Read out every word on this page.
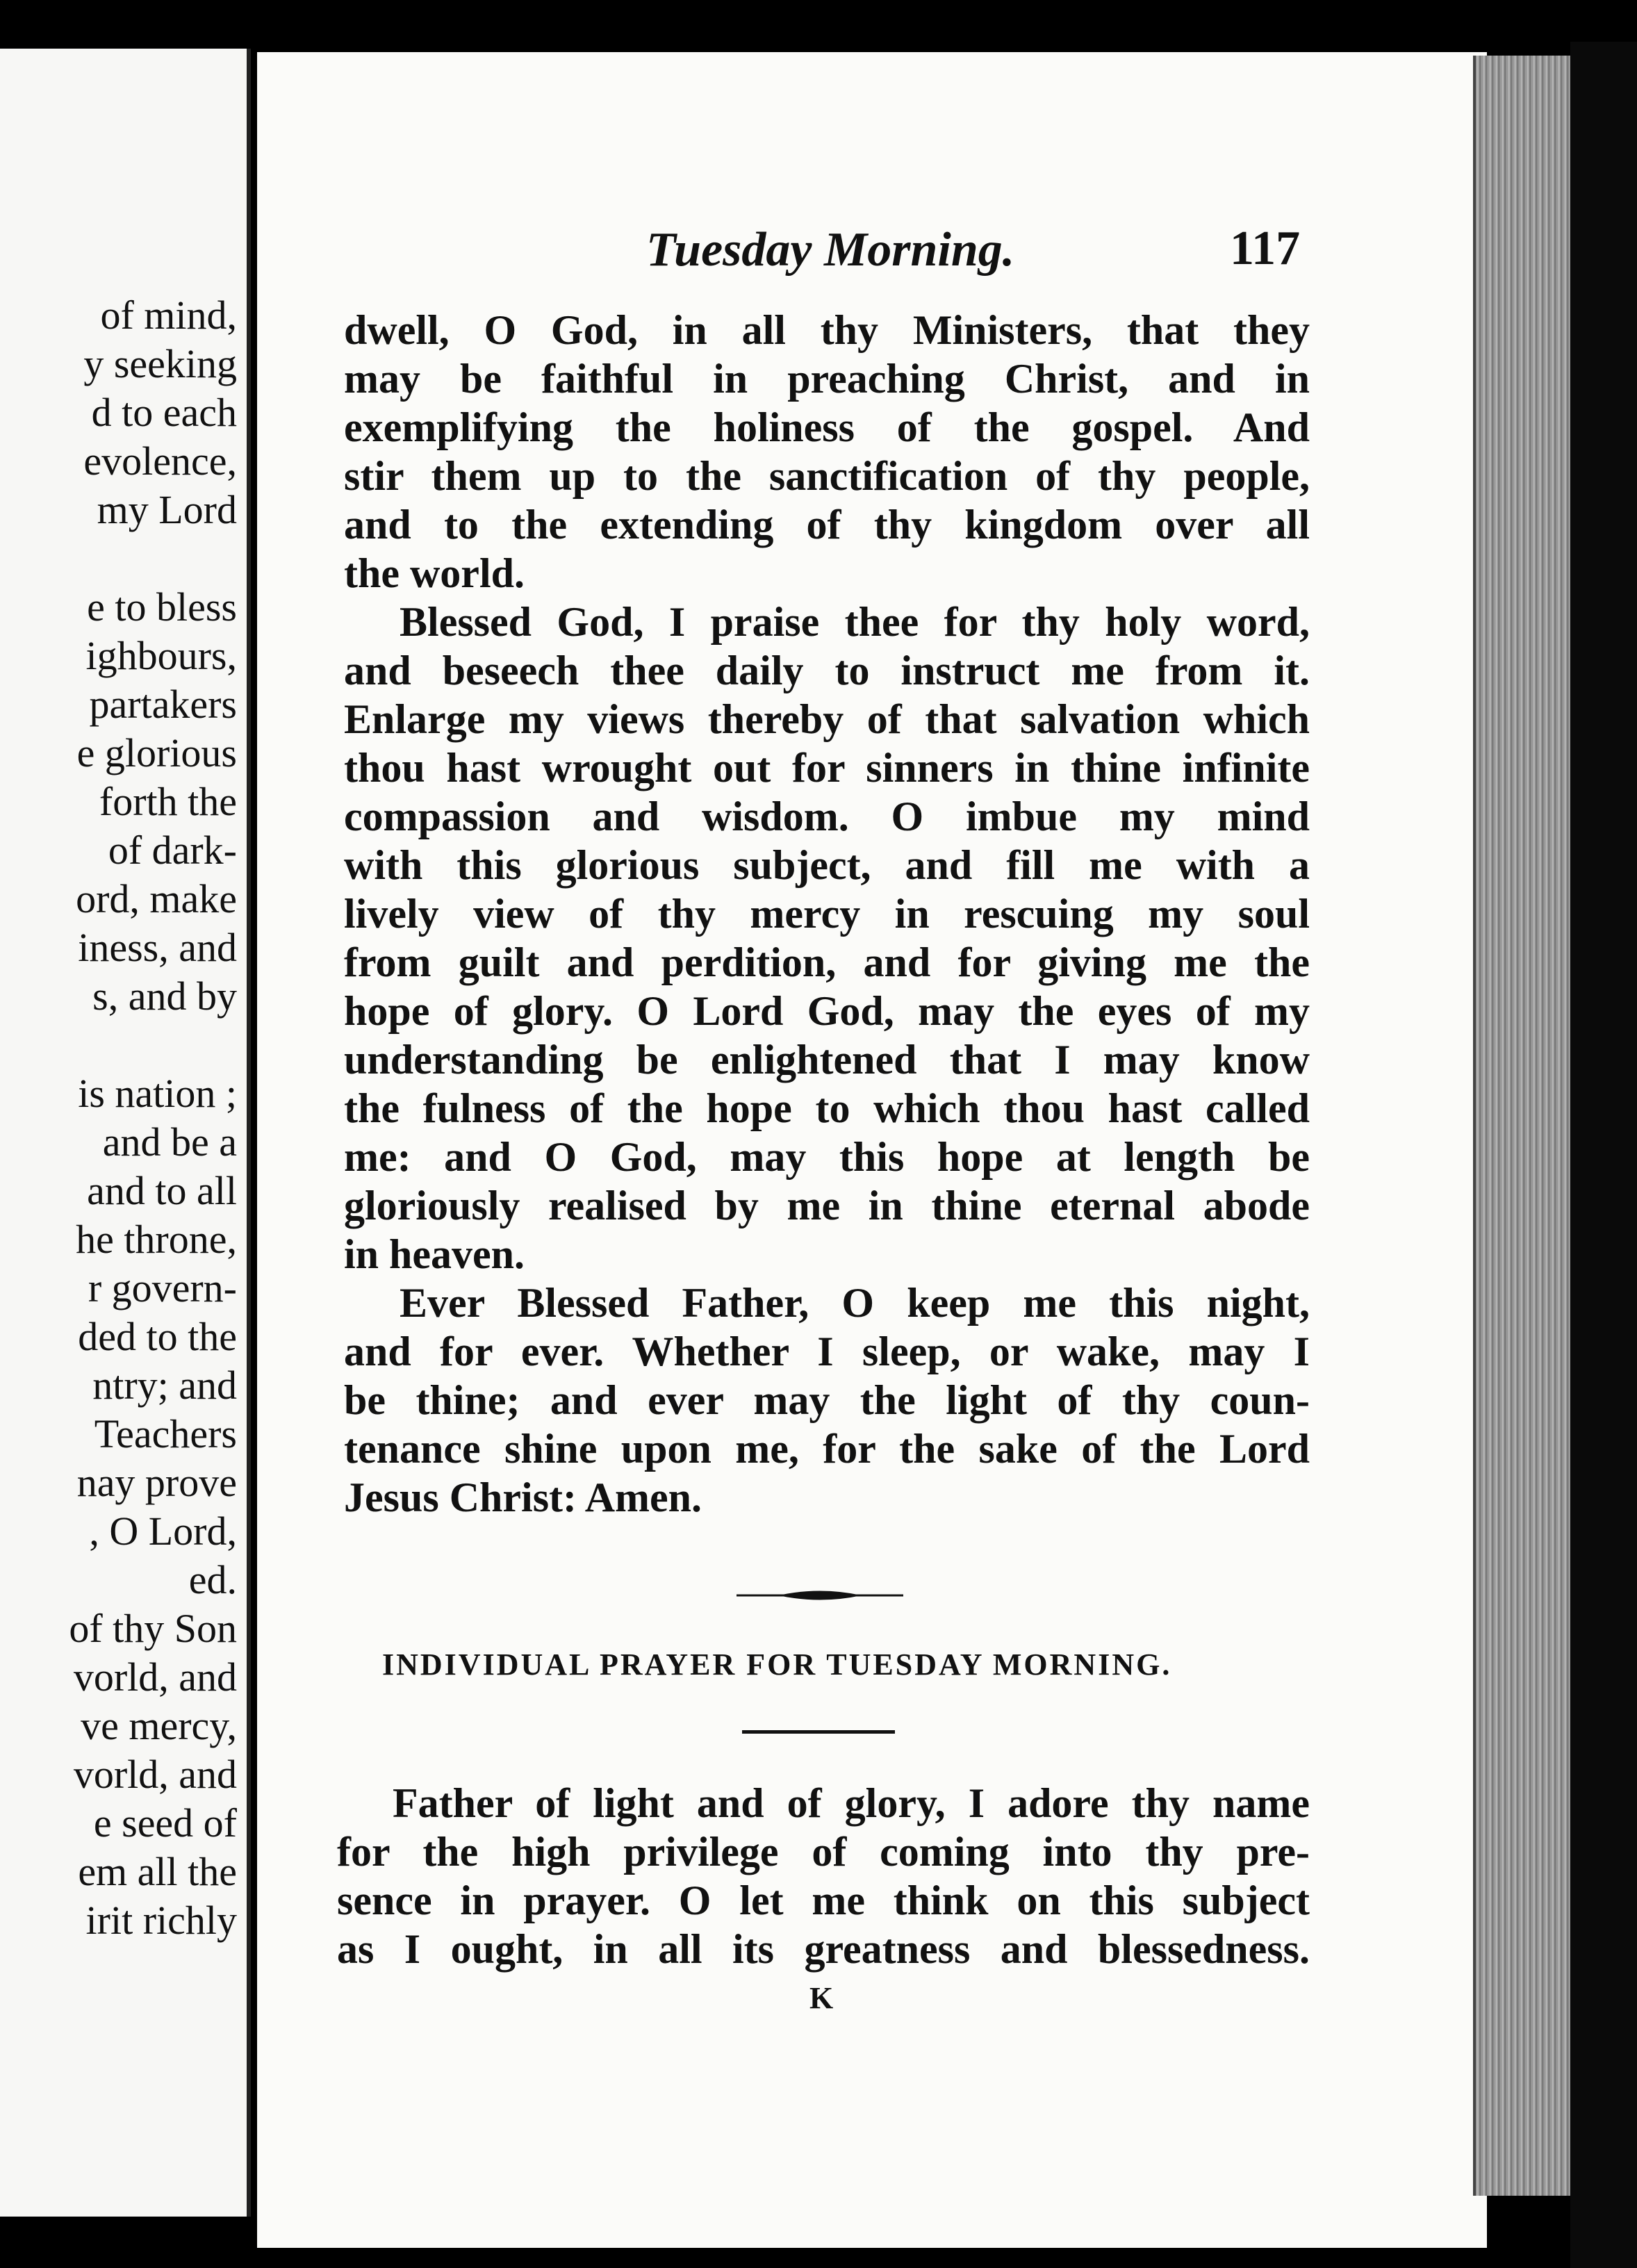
of mind,
y seeking
d to each
evolence,
my Lord
e to bless
ighbours,
partakers
e glorious
forth the
of dark-
ord, make
iness, and
s, and by
is nation ;
and be a
and to all
he throne,
r govern-
ded to the
ntry; and
Teachers
nay prove
, O Lord,
ed.
of thy Son
vorld, and
ve mercy,
vorld, and
e seed of
em all the
irit richly
Tuesday Morning.	117
dwell, O God, in all thy Ministers, that they
may be faithful in preaching Christ, and in
exemplifying the holiness of the gospel. And
stir them up to the sanctification of thy people,
and to the extending of thy kingdom over all
the world.
Blessed God, I praise thee for thy holy word,
and beseech thee daily to instruct me from it.
Enlarge my views thereby of that salvation which
thou hast wrought out for sinners in thine infinite
compassion and wisdom. O imbue my mind
with this glorious subject, and fill me with a
lively view of thy mercy in rescuing my soul
from guilt and perdition, and for giving me the
hope of glory. O Lord God, may the eyes of my
understanding be enlightened that I may know
the fulness of the hope to which thou hast called
me: and O God, may this hope at length be
gloriously realised by me in thine eternal abode
in heaven.
Ever Blessed Father, O keep me this night,
and for ever. Whether I sleep, or wake, may I
be thine; and ever may the light of thy coun-
tenance shine upon me, for the sake of the Lord
Jesus Christ: Amen.
INDIVIDUAL PRAYER FOR TUESDAY MORNING.
Father of light and of glory, I adore thy name
for the high privilege of coming into thy pre-
sence in prayer. O let me think on this subject
as I ought, in all its greatness and blessedness.
K
